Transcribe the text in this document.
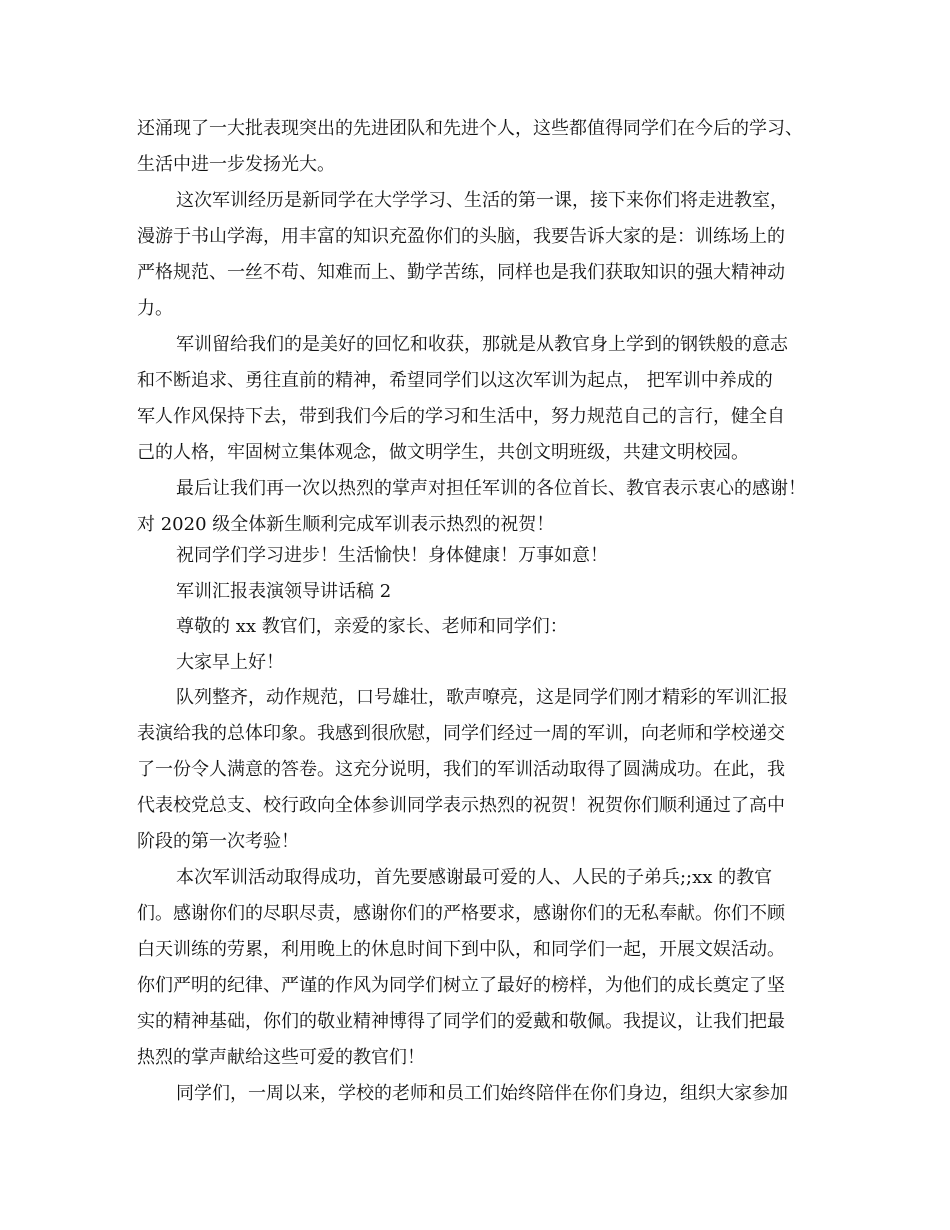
还涌现了一大批表现突出的先进团队和先进个人，这些都值得同学们在今后的学习、
生活中进一步发扬光大。
这次军训经历是新同学在大学学习、生活的第一课，接下来你们将走进教室，
漫游于书山学海，用丰富的知识充盈你们的头脑，我要告诉大家的是：训练场上的
严格规范、一丝不苟、知难而上、勤学苦练，同样也是我们获取知识的强大精神动
力。
军训留给我们的是美好的回忆和收获，那就是从教官身上学到的钢铁般的意志
和不断追求、勇往直前的精神，希望同学们以这次军训为起点， 把军训中养成的
军人作风保持下去，带到我们今后的学习和生活中，努力规范自己的言行，健全自
己的人格，牢固树立集体观念，做文明学生，共创文明班级，共建文明校园。
最后让我们再一次以热烈的掌声对担任军训的各位首长、教官表示衷心的感谢！
对 2020 级全体新生顺利完成军训表示热烈的祝贺！
祝同学们学习进步！生活愉快！身体健康！万事如意！
军训汇报表演领导讲话稿 2
尊敬的 xx 教官们，亲爱的家长、老师和同学们：
大家早上好！
队列整齐，动作规范，口号雄壮，歌声嘹亮，这是同学们刚才精彩的军训汇报
表演给我的总体印象。我感到很欣慰，同学们经过一周的军训，向老师和学校递交
了一份令人满意的答卷。这充分说明，我们的军训活动取得了圆满成功。在此，我
代表校党总支、校行政向全体参训同学表示热烈的祝贺！祝贺你们顺利通过了高中
阶段的第一次考验！
本次军训活动取得成功，首先要感谢最可爱的人、人民的子弟兵;;xx 的教官
们。感谢你们的尽职尽责，感谢你们的严格要求，感谢你们的无私奉献。你们不顾
白天训练的劳累，利用晚上的休息时间下到中队，和同学们一起，开展文娱活动。
你们严明的纪律、严谨的作风为同学们树立了最好的榜样，为他们的成长奠定了坚
实的精神基础，你们的敬业精神博得了同学们的爱戴和敬佩。我提议，让我们把最
热烈的掌声献给这些可爱的教官们！
同学们，一周以来，学校的老师和员工们始终陪伴在你们身边，组织大家参加
